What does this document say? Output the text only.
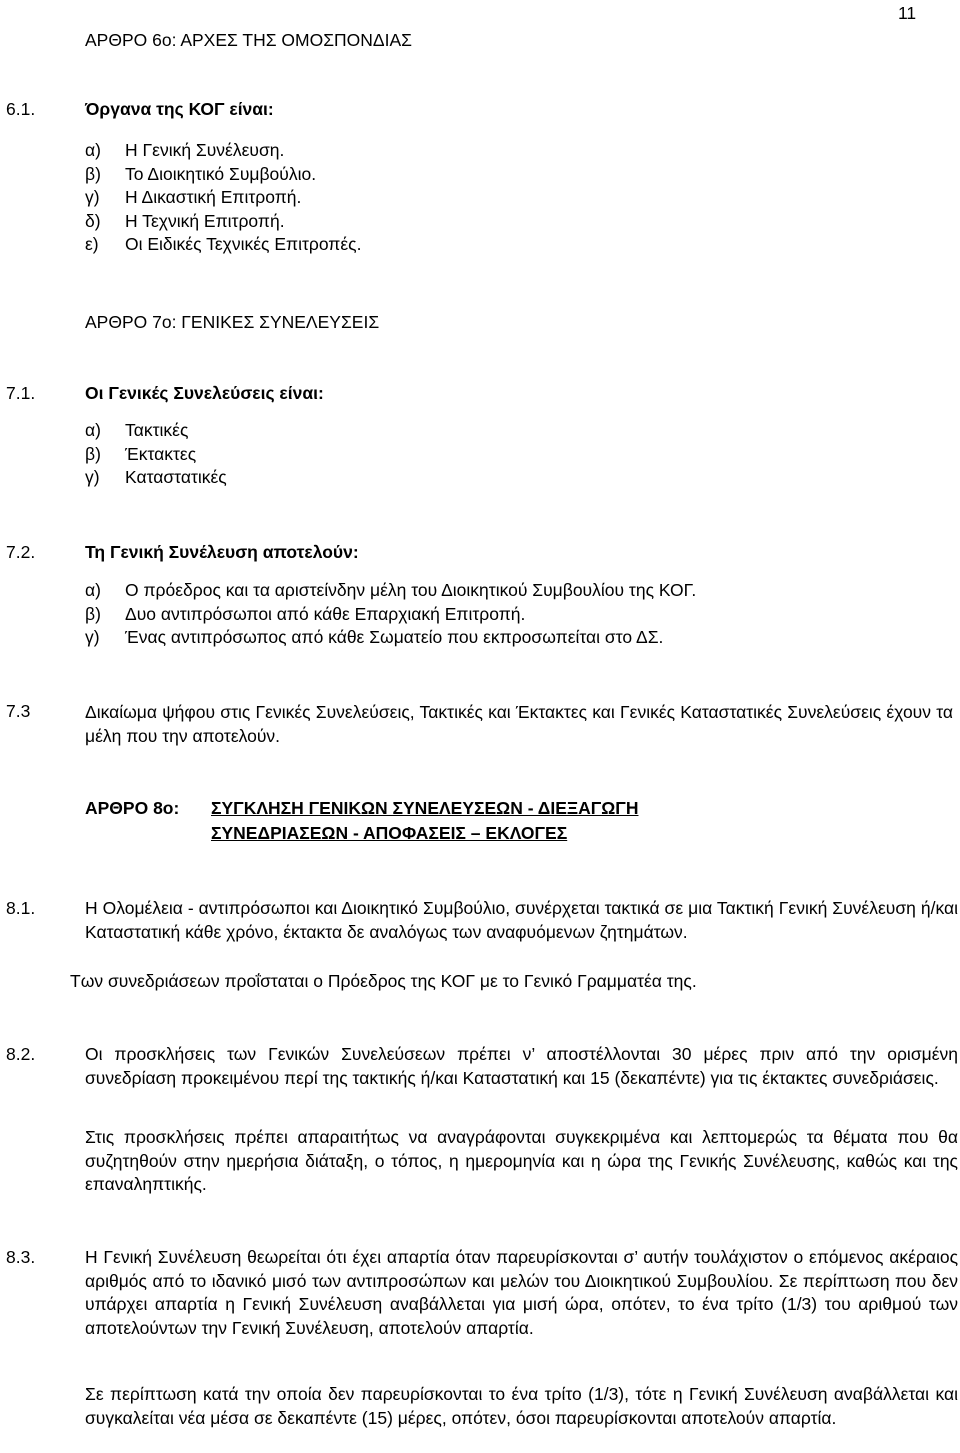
11
ΑΡΘΡΟ 6ο: ΑΡΧΕΣ ΤΗΣ ΟΜΟΣΠΟΝΔΙΑΣ
6.1.	Όργανα της ΚΟΓ είναι:
α) Η Γενική Συνέλευση.
β) Το Διοικητικό Συμβούλιο.
γ) Η Δικαστική Επιτροπή.
δ) Η Τεχνική Επιτροπή.
ε) Οι Ειδικές Τεχνικές Επιτροπές.
ΑΡΘΡΟ 7ο: ΓΕΝΙΚΕΣ ΣΥΝΕΛΕΥΣΕΙΣ
7.1.	Οι Γενικές Συνελεύσεις είναι:
α) Τακτικές
β) Έκτακτες
γ) Καταστατικές
7.2.	Τη Γενική Συνέλευση αποτελούν:
α) Ο πρόεδρος και τα αριστείνδην μέλη του Διοικητικού Συμβουλίου της ΚΟΓ.
β) Δυο αντιπρόσωποι από κάθε Επαρχιακή Επιτροπή.
γ) Ένας αντιπρόσωπος από κάθε Σωματείο που εκπροσωπείται στο ΔΣ.
7.3	Δικαίωμα ψήφου στις Γενικές Συνελεύσεις, Τακτικές και Έκτακτες και Γενικές Καταστατικές Συνελεύσεις έχουν τα μέλη που την αποτελούν.
ΑΡΘΡΟ 8ο: ΣΥΓΚΛΗΣΗ ΓΕΝΙΚΩΝ ΣΥΝΕΛΕΥΣΕΩΝ - ΔΙΕΞΑΓΩΓΗ
ΣΥΝΕΔΡΙΑΣΕΩΝ - ΑΠΟΦΑΣΕΙΣ – ΕΚΛΟΓΕΣ
8.1.	Η Ολομέλεια - αντιπρόσωποι και Διοικητικό Συμβούλιο, συνέρχεται τακτικά σε μια Τακτική Γενική Συνέλευση ή/και Καταστατική κάθε χρόνο, έκτακτα δε αναλόγως των αναφυόμενων ζητημάτων.
Των συνεδριάσεων προΐσταται ο Πρόεδρος της ΚΟΓ με το Γενικό Γραμματέα της.
8.2.	Οι προσκλήσεις των Γενικών Συνελεύσεων πρέπει ν’ αποστέλλονται 30 μέρες πριν από την ορισμένη συνεδρίαση προκειμένου περί της τακτικής ή/και Καταστατική και 15 (δεκαπέντε) για τις έκτακτες συνεδριάσεις.
Στις προσκλήσεις πρέπει απαραιτήτως να αναγράφονται συγκεκριμένα και λεπτομερώς τα θέματα που θα συζητηθούν στην ημερήσια διάταξη, ο τόπος, η ημερομηνία και η ώρα της Γενικής Συνέλευσης, καθώς και της επαναληπτικής.
8.3.	Η Γενική Συνέλευση θεωρείται ότι έχει απαρτία όταν παρευρίσκονται σ’ αυτήν τουλάχιστον ο επόμενος ακέραιος αριθμός από το ιδανικό μισό των αντιπροσώπων και μελών του Διοικητικού Συμβουλίου. Σε περίπτωση που δεν υπάρχει απαρτία η Γενική Συνέλευση αναβάλλεται για μισή ώρα, οπότεν, το ένα τρίτο (1/3) του αριθμού των αποτελούντων την Γενική Συνέλευση, αποτελούν απαρτία.
Σε περίπτωση κατά την οποία δεν παρευρίσκονται το ένα τρίτο (1/3), τότε η Γενική Συνέλευση αναβάλλεται και συγκαλείται νέα μέσα σε δεκαπέντε (15) μέρες, οπότεν, όσοι παρευρίσκονται αποτελούν απαρτία.
